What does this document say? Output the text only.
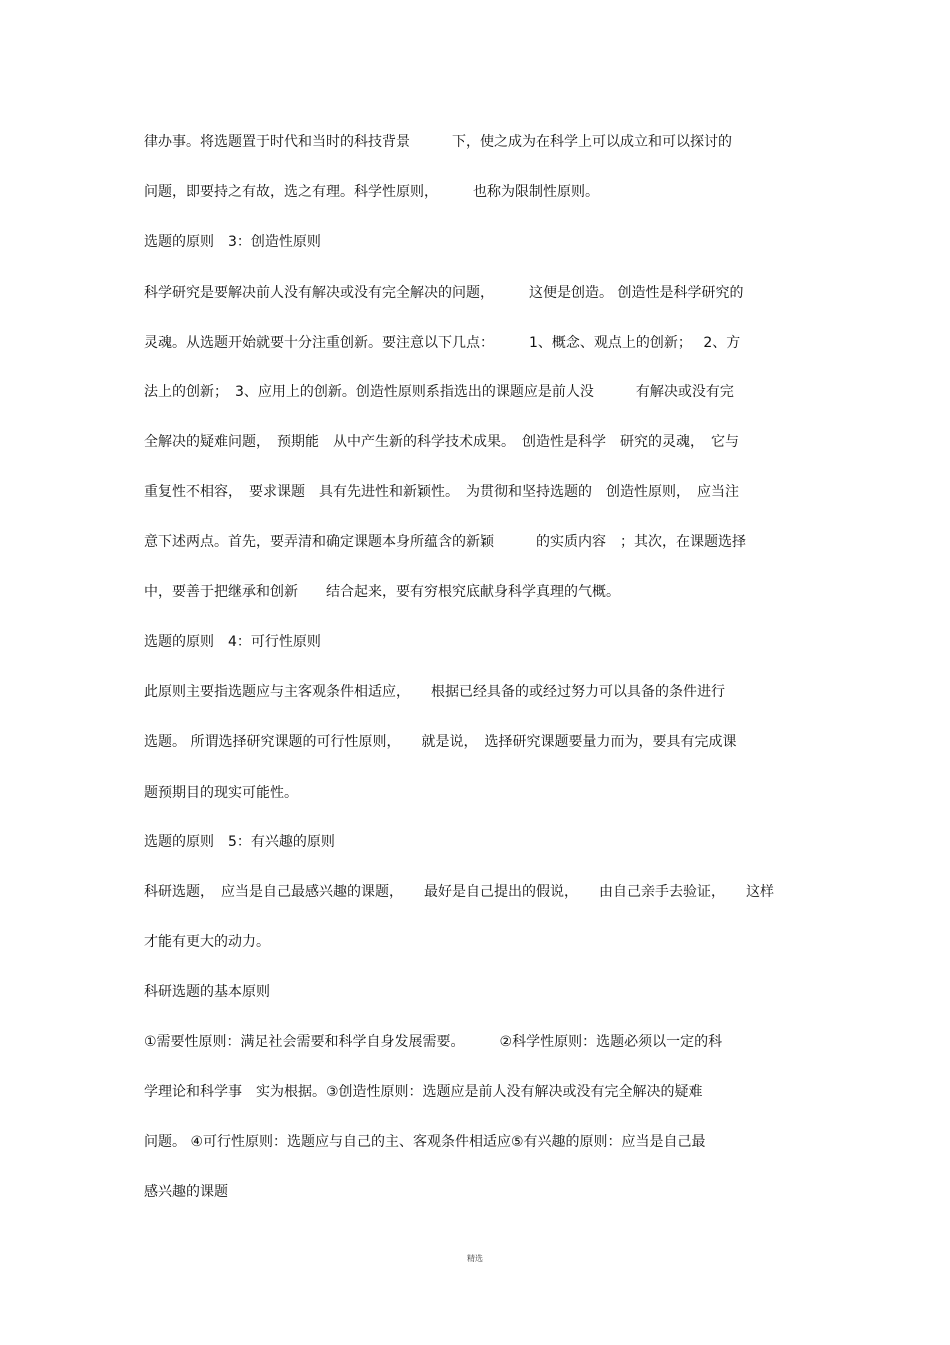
律办事。将选题置于时代和当时的科技背景　　　下，使之成为在科学上可以成立和可以探讨的
问题，即要持之有故，选之有理。科学性原则，　　　也称为限制性原则。
选题的原则　3：创造性原则
科学研究是要解决前人没有解决或没有完全解决的问题，　　　这便是创造。 创造性是科学研究的
灵魂。从选题开始就要十分注重创新。要注意以下几点：　　　1、概念、观点上的创新；　 2、方
法上的创新；　3、应用上的创新。创造性原则系指选出的课题应是前人没　　　有解决或没有完
全解决的疑难问题，　预期能　从中产生新的科学技术成果。　创造性是科学　研究的灵魂，　它与
重复性不相容，　要求课题　具有先进性和新颖性。　为贯彻和坚持选题的　创造性原则，　应当注
意下述两点。首先，要弄清和确定课题本身所蕴含的新颖　　　的实质内容　；其次，在课题选择
中，要善于把继承和创新　　结合起来，要有穷根究底献身科学真理的气概。
选题的原则　4：可行性原则
此原则主要指选题应与主客观条件相适应，　　根据已经具备的或经过努力可以具备的条件进行
选题。 所谓选择研究课题的可行性原则，　　就是说，　选择研究课题要量力而为，要具有完成课
题预期目的现实可能性。
选题的原则　5：有兴趣的原则
科研选题，　应当是自己最感兴趣的课题，　　最好是自己提出的假说，　　由自己亲手去验证，　　这样
才能有更大的动力。
科研选题的基本原则
①需要性原则：满足社会需要和科学自身发展需要。　　　②科学性原则：选题必须以一定的科
学理论和科学事　实为根据。③创造性原则：选题应是前人没有解决或没有完全解决的疑难
问题。 ④可行性原则：选题应与自己的主、客观条件相适应⑤有兴趣的原则：应当是自己最
感兴趣的课题
精选
